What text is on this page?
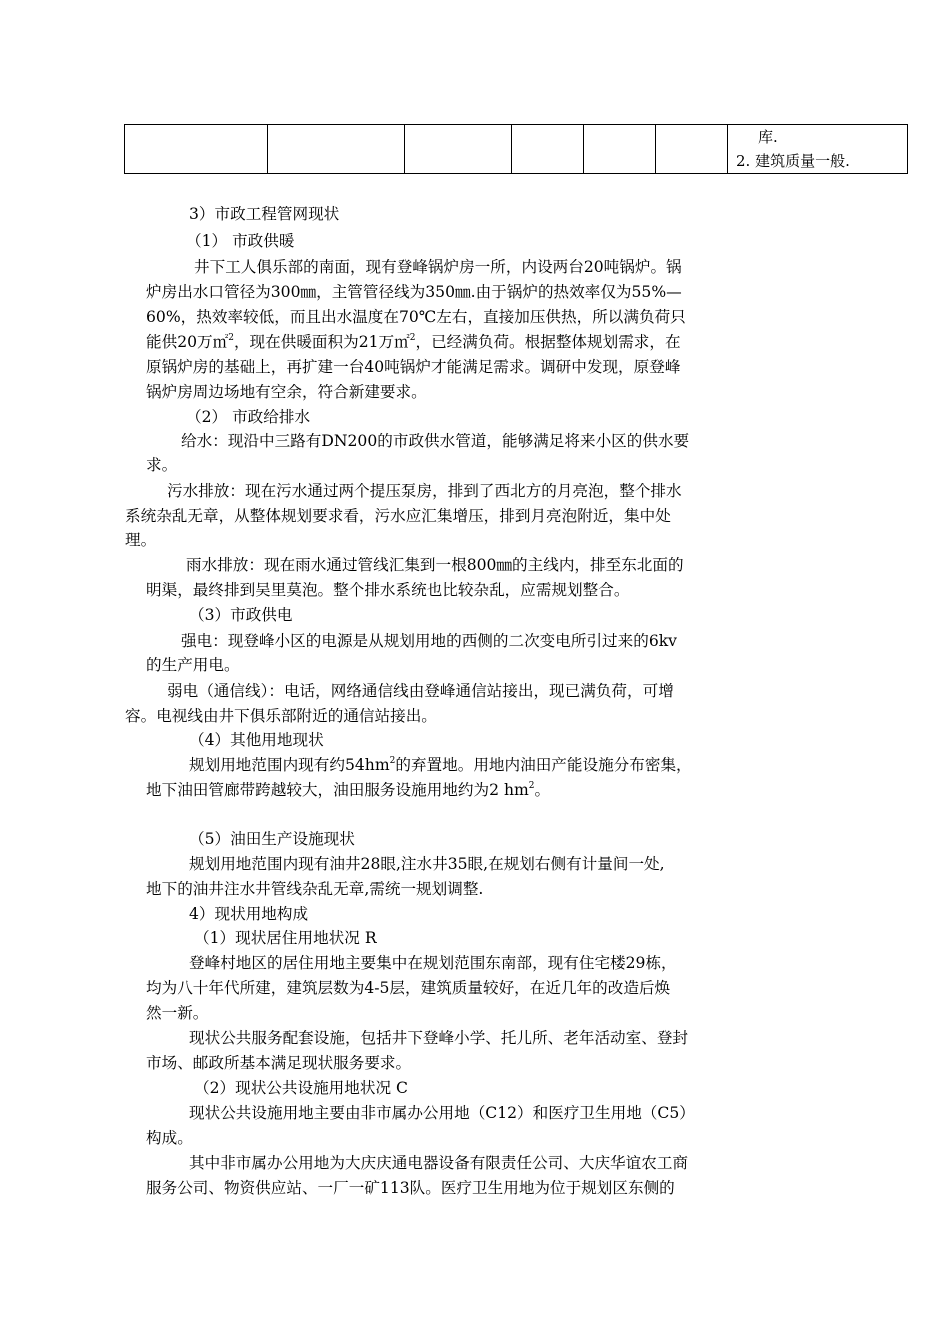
库.
2. 建筑质量一般.
3）市政工程管网现状
（1） 市政供暖
井下工人俱乐部的南面，现有登峰锅炉房一所，内设两台20吨锅炉。锅
炉房出水口管径为300㎜，主管管径线为350㎜.由于锅炉的热效率仅为55%—
60%，热效率较低，而且出水温度在70℃左右，直接加压供热，所以满负荷只
能供20万㎡$^2$，现在供暖面积为21万㎡$^2$，已经满负荷。根据整体规划需求，在
原锅炉房的基础上，再扩建一台40吨锅炉才能满足需求。调研中发现，原登峰
锅炉房周边场地有空余，符合新建要求。
（2） 市政给排水
给水：现沿中三路有DN200的市政供水管道，能够满足将来小区的供水要
求。
污水排放：现在污水通过两个提压泵房，排到了西北方的月亮泡，整个排水
系统杂乱无章，从整体规划要求看，污水应汇集增压，排到月亮泡附近，集中处
理。
雨水排放：现在雨水通过管线汇集到一根800㎜的主线内，排至东北面的
明渠，最终排到吴里莫泡。整个排水系统也比较杂乱，应需规划整合。
（3）市政供电
强电：现登峰小区的电源是从规划用地的西侧的二次变电所引过来的6kv
的生产用电。
弱电（通信线）：电话，网络通信线由登峰通信站接出，现已满负荷，可增
容。电视线由井下俱乐部附近的通信站接出。
（4）其他用地现状
规划用地范围内现有约$54hm^2$的弃置地。用地内油田产能设施分布密集，
地下油田管廊带跨越较大，油田服务设施用地约为2 $hm^2$。
（5）油田生产设施现状
规划用地范围内现有油井28眼,注水井35眼,在规划右侧有计量间一处,
地下的油井注水井管线杂乱无章,需统一规划调整.
4）现状用地构成
（1）现状居住用地状况 R
登峰村地区的居住用地主要集中在规划范围东南部，现有住宅楼29栋，
均为八十年代所建，建筑层数为4-5层，建筑质量较好，在近几年的改造后焕
然一新。
现状公共服务配套设施，包括井下登峰小学、托儿所、老年活动室、登封
市场、邮政所基本满足现状服务要求。
（2）现状公共设施用地状况 C
现状公共设施用地主要由非市属办公用地（C12）和医疗卫生用地（C5）
构成。
其中非市属办公用地为大庆庆通电器设备有限责任公司、大庆华谊农工商
服务公司、物资供应站、一厂一矿113队。医疗卫生用地为位于规划区东侧的
